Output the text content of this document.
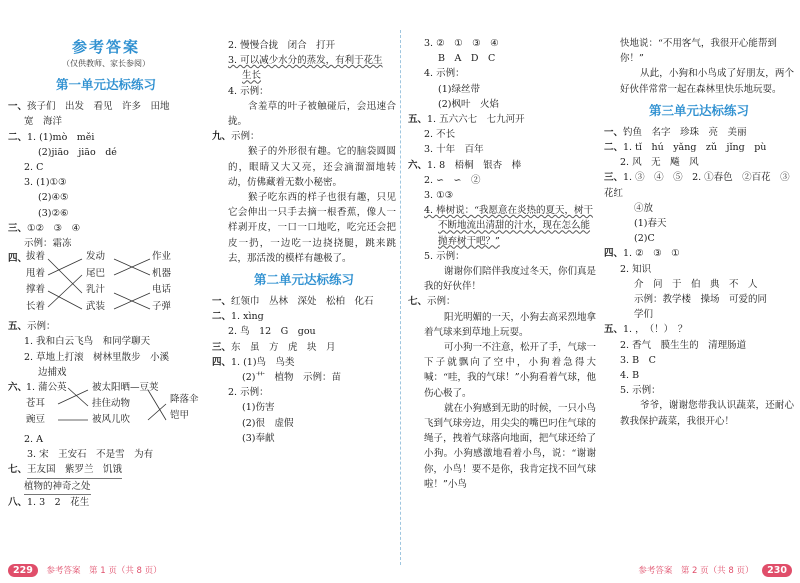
参考答案
（仅供教师、家长参阅）
第一单元达标练习
一、孩子们　出发　看见　许多　田地
宽　海洋
二、1. (1)mò　měi
(2)jiāo　jiāo　dé
2. C
3. (1)①③
(2)④⑤
(3)②⑥
三、①②　③　④
示例：霜冻
四、
拔着
甩着
撑着
长着
发动
尾巴
乳汁
武装
作业
机器
电话
子弹
五、示例：
1. 我和白云飞鸟　和同学聊天
2. 草地上打滚　树林里散步　小溪
边捕戏
六、
1. 蒲公英
苍耳
豌豆
被太阳晒—豆荚
挂住动物
被风儿吹
降落伞
铠甲
2. A
3. 宋　王安石　不是雪　为有
七、王友国　紫罗兰　饥饿
植物的神奇之处
八、1. 3　2　花生
2. 慢慢合拢　闭合　打开
3. 可以减少水分的蒸发，有利于花生
生长
4. 示例：
含羞草的叶子被触碰后，会迅速合拢。
九、示例：
猴子的外形很有趣。它的脑袋圆圆的，眼睛又大又亮，还会滴溜溜地转动，仿佛藏着无数小秘密。
猴子吃东西的样子也很有趣，只见它会伸出一只手去摘一根香蕉，像人一样剥开皮，一口一口地吃，吃完还会把皮一扔，一边吃一边挠挠腿，跳来跳去，那活泼的模样有趣极了。
第二单元达标练习
一、红领巾　丛林　深处　松柏　化石
二、1. xìng
2. 鸟　12　G　gou
三、东　虽　方　虎　块　月
四、1. (1)鸟　鸟类
(2)艹　植物　示例：苗
2. 示例：
(1)伤害
(2)很　虚假
(3)奉献
3. ②　①　③　④
B　A　D　C
4. 示例：
(1)绿丝带
(2)枫叶　火焰
五、1. 五六六七　七九河开
2. 不长
3. 十年　百年
六、1. 8　梧桐　银杏　棒
2. ∽　∽　②
3. ①③
4. 棒树说：“我愿意在炎热的夏天，树干
不断地流出清甜的汁水，现在怎么能
抛弃树干吧？”
5. 示例：
谢谢你们陪伴我度过冬天，你们真是我的好伙伴！
七、示例：
阳光明媚的一天，小狗去高采烈地拿着气球来到草地上玩耍。
可小狗一不注意，松开了手，气球一下子就飘向了空中，小狗着急得大喊：“哇，我的气球！”小狗看着气球，他伤心极了。
就在小狗感到无助的时候，一只小鸟飞到气球旁边，用尖尖的嘴巴叼住气球的绳子，拽着气球落向地面，把气球还给了小狗。小狗感激地看着小鸟，说：“谢谢你，小鸟！要不是你，我肯定找不回气球啦！”小鸟
快地说：“不用客气，我很开心能帮到你！”
从此，小狗和小鸟成了好朋友，两个好伙伴常常一起在森林里快乐地玩耍。
第三单元达标练习
一、钓鱼　名字　珍珠　亮　美丽
二、1. tǐ　hú　yǎng　zǔ　jǐng　pù
2. 风　无　飚　风
三、1. ③　④　⑤　2. ①春色　②百花　③花红
④放
(1)春天
(2)C
四、1. ②　③　①
2. 知识
介　问　于　伯　典　不　人
示例：教学楼　操场　可爱的同
学们
五、1. ，　（！）　？
2. 香气　膜生生的　清理肠道
3. B　C
4. B
5. 示例：
爷爷，谢谢您带我认识蔬菜，还耐心教我保护蔬菜，我很开心！
229 参考答案　第 1 页（共 8 页）	参考答案　第 2 页（共 8 页） 230
